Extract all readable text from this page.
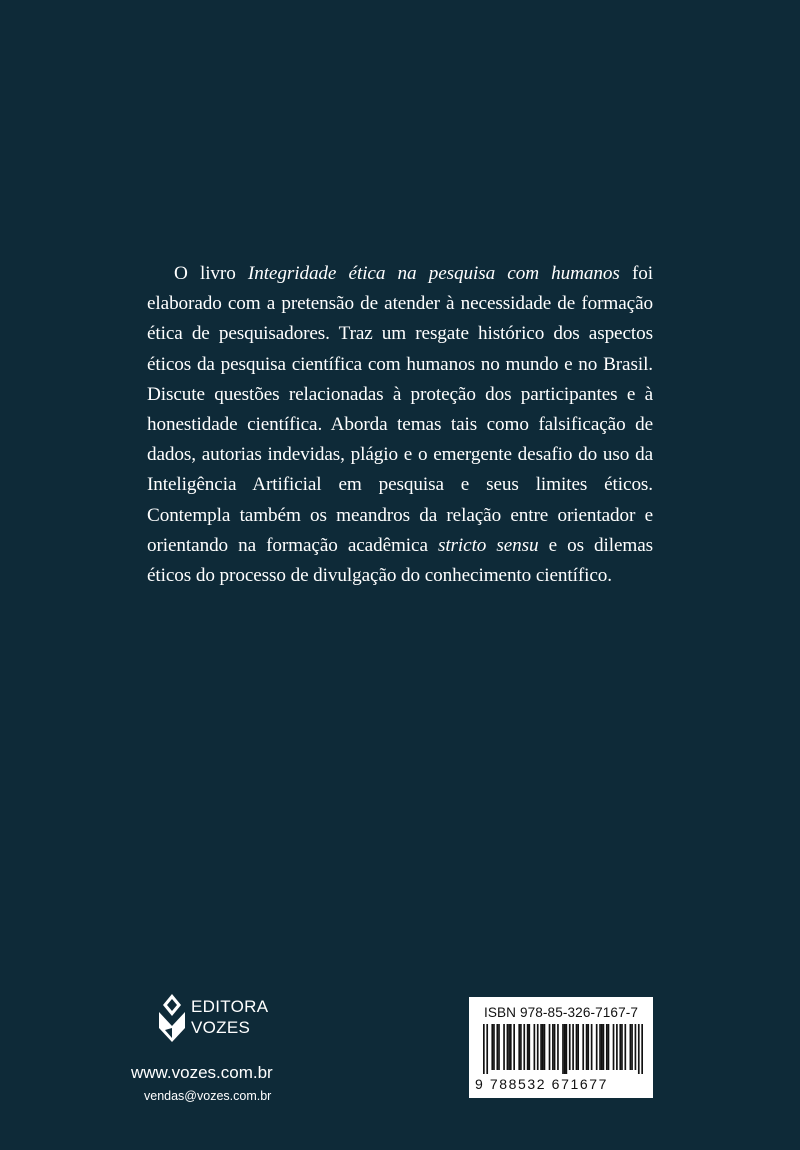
O livro Integridade ética na pesquisa com humanos foi elaborado com a pretensão de atender à necessidade de formação ética de pesquisadores. Traz um resgate histórico dos aspectos éticos da pesquisa científica com humanos no mundo e no Brasil. Discute questões relacionadas à proteção dos participantes e à honestidade científica. Aborda temas tais como falsificação de dados, autorias indevidas, plágio e o emergente desafio do uso da Inteligência Artificial em pesquisa e seus limites éticos. Contempla também os meandros da relação entre orientador e orientando na formação acadêmica stricto sensu e os dilemas éticos do processo de divulgação do conhecimento científico.

EDITORA
VOZES
www.vozes.com.br
vendas@vozes.com.br
ISBN 978-85-326-7167-7
9 788532 671677
